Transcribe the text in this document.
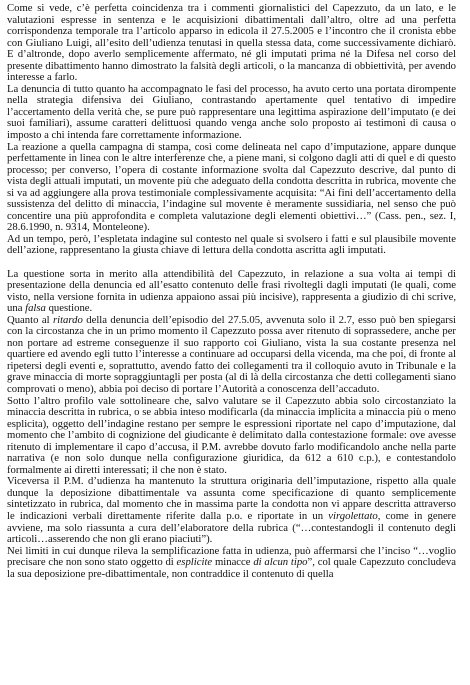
Come si vede, c’è perfetta coincidenza tra i commenti giornalistici del Capezzuto, da un lato, e le valutazioni espresse in sentenza e le acquisizioni dibattimentali dall’altro, oltre ad una perfetta corrispondenza temporale tra l’articolo apparso in edicola il 27.5.2005 e l’incontro che il cronista ebbe con Giuliano Luigi, all’esito dell’udienza tenutasi in quella stessa data, come successivamente dichiarò. E d’altronde, dopo averlo semplicemente affermato, né gli imputati prima né la Difesa nel corso del presente dibattimento hanno dimostrato la falsità degli articoli, o la mancanza di obbiettività, per avendo interesse a farlo.

La denuncia di tutto quanto ha accompagnato le fasi del processo, ha avuto certo una portata dirompente nella strategia difensiva dei Giuliano, contrastando apertamente quel tentativo di impedire l’accertamento della verità che, se pure può rappresentare una legittima aspirazione dell’imputato (e dei suoi familiari), assume caratteri delittuosi quando venga anche solo proposto ai testimoni di causa o imposto a chi intenda fare correttamente informazione.

La reazione a quella campagna di stampa, così come delineata nel capo d’imputazione, appare dunque perfettamente in linea con le altre interferenze che, a piene mani, si colgono dagli atti di quel e di questo processo; per converso, l’opera di costante informazione svolta dal Capezzuto descrive, dal punto di vista degli attuali imputati, un movente più che adeguato della condotta descritta in rubrica, movente che si va ad aggiungere alla prova testimoniale complessivamente acquisita: “Ai fini dell’accertamento della sussistenza del delitto di minaccia, l’indagine sul movente è meramente sussidiaria, nel senso che può concentire una più approfondita e completa valutazione degli elementi obiettivi…” (Cass. pen., sez. I, 28.6.1990, n. 9314, Monteleone).

Ad un tempo, però, l’espletata indagine sul contesto nel quale si svolsero i fatti e sul plausibile movente dell’azione, rappresentano la giusta chiave di lettura della condotta ascritta agli imputati.

La questione sorta in merito alla attendibilità del Capezzuto, in relazione a sua volta ai tempi di presentazione della denuncia ed all’esatto contenuto delle frasi rivoltegli dagli imputati (le quali, come visto, nella versione fornita in udienza appaiono assai più incisive), rappresenta a giudizio di chi scrive, una falsa questione.

Quanto al ritardo della denuncia dell’episodio del 27.5.05, avvenuta solo il 2.7, esso può ben spiegarsi con la circostanza che in un primo momento il Capezzuto possa aver ritenuto di soprassedere, anche per non portare ad estreme conseguenze il suo rapporto coi Giuliano, vista la sua costante presenza nel quartiere ed avendo egli tutto l’interesse a continuare ad occuparsi della vicenda, ma che poi, di fronte al ripetersi degli eventi e, soprattutto, avendo fatto dei collegamenti tra il colloquio avuto in Tribunale e la grave minaccia di morte sopraggiuntagli per posta (al di là della circostanza che detti collegamenti siano comprovati o meno), abbia poi deciso di portare l’Autorità a conoscenza dell’accaduto.

Sotto l’altro profilo vale sottolineare che, salvo valutare se il Capezzuto abbia solo circostanziato la minaccia descritta in rubrica, o se abbia inteso modificarla (da minaccia implicita a minaccia più o meno esplicita), oggetto dell’indagine restano per sempre le espressioni riportate nel capo d’imputazione, dal momento che l’ambito di cognizione del giudicante è delimitato dalla contestazione formale: ove avesse ritenuto di implementare il capo d’accusa, il P.M. avrebbe dovuto farlo modificandolo anche nella parte narrativa (e non solo dunque nella configurazione giuridica, da 612 a 610 c.p.), e contestandolo formalmente ai diretti interessati; il che non è stato.

Viceversa il P.M. d’udienza ha mantenuto la struttura originaria dell’imputazione, rispetto alla quale dunque la deposizione dibattimentale va assunta come specificazione di quanto semplicemente sintetizzato in rubrica, dal momento che in massima parte la condotta non vi appare descritta attraverso le indicazioni verbali direttamente riferite dalla p.o. e riportate in un virgolettato, come in genere avviene, ma solo riassunta a cura dell’elaboratore della rubrica (“…contestandogli il contenuto degli articoli…asserendo che non gli erano piaciuti”).

Nei limiti in cui dunque rileva la semplificazione fatta in udienza, può affermarsi che l’inciso “…voglio precisare che non sono stato oggetto di esplicite minacce di alcun tipo”, col quale Capezzuto concludeva la sua deposizione pre-dibattimentale, non contraddice il contenuto di quella
